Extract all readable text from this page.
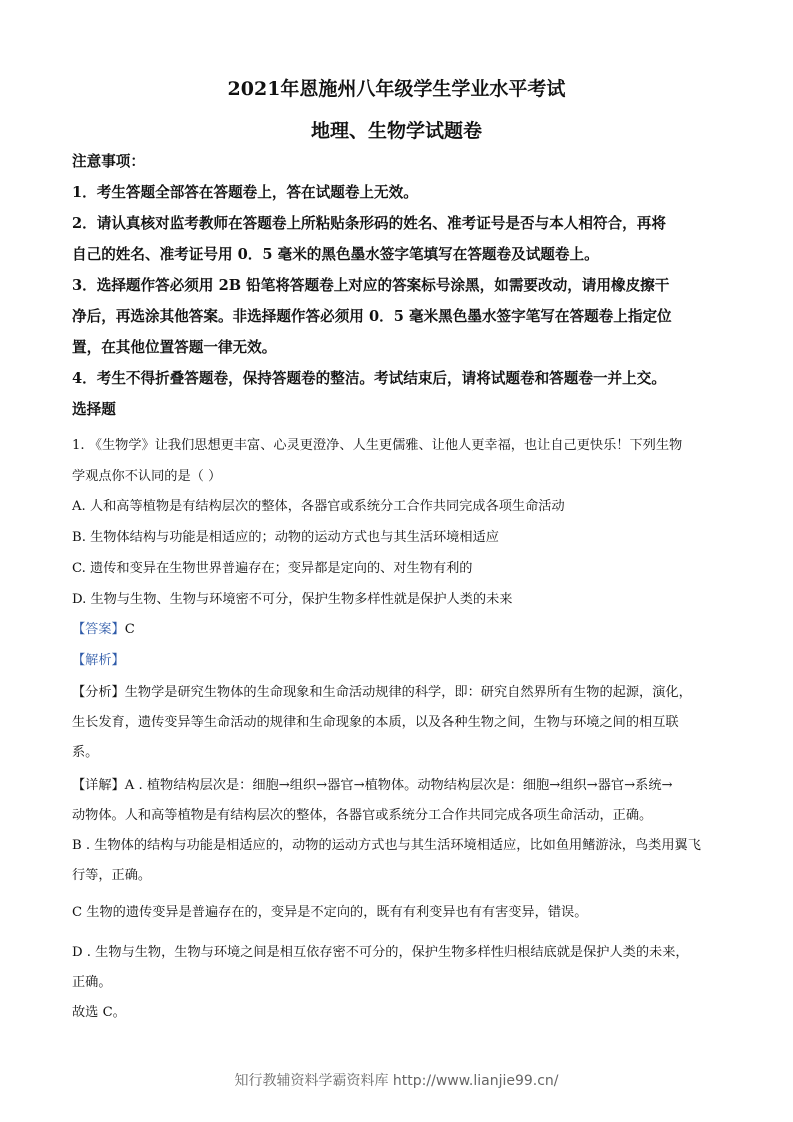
2021年恩施州八年级学生学业水平考试
地理、生物学试题卷

注意事项：

1．考生答题全部答在答题卷上，答在试题卷上无效。

2．请认真核对监考教师在答题卷上所粘贴条形码的姓名、准考证号是否与本人相符合，再将

自己的姓名、准考证号用 0．5 毫米的黑色墨水签字笔填写在答题卷及试题卷上。

3．选择题作答必须用 2B 铅笔将答题卷上对应的答案标号涂黑，如需要改动，请用橡皮擦干

净后，再选涂其他答案。非选择题作答必须用 0．5 毫米黑色墨水签字笔写在答题卷上指定位

置，在其他位置答题一律无效。

4．考生不得折叠答题卷，保持答题卷的整洁。考试结束后，请将试题卷和答题卷一并上交。

选择题

1. 《生物学》让我们思想更丰富、心灵更澄净、人生更儒雅、让他人更幸福，也让自己更快乐！下列生物

学观点你不认同的是（ ）

A. 人和高等植物是有结构层次的整体，各器官或系统分工合作共同完成各项生命活动

B. 生物体结构与功能是相适应的；动物的运动方式也与其生活环境相适应

C. 遗传和变异在生物世界普遍存在；变异都是定向的、对生物有利的

D. 生物与生物、生物与环境密不可分，保护生物多样性就是保护人类的未来

【答案】C

【解析】

【分析】生物学是研究生物体的生命现象和生命活动规律的科学，即：研究自然界所有生物的起源，演化，

生长发育，遗传变异等生命活动的规律和生命现象的本质，以及各种生物之间，生物与环境之间的相互联

系。

【详解】A . 植物结构层次是：细胞→组织→器官→植物体。动物结构层次是：细胞→组织→器官→系统→

动物体。人和高等植物是有结构层次的整体，各器官或系统分工合作共同完成各项生命活动，正确。

B . 生物体的结构与功能是相适应的，动物的运动方式也与其生活环境相适应，比如鱼用鳍游泳，鸟类用翼飞

行等，正确。

C 生物的遗传变异是普遍存在的，变异是不定向的，既有有利变异也有有害变异，错误。

D . 生物与生物，生物与环境之间是相互依存密不可分的，保护生物多样性归根结底就是保护人类的未来，

正确。

故选 C。

知行教辅资料学霸资料库 http://www.lianjie99.cn/
